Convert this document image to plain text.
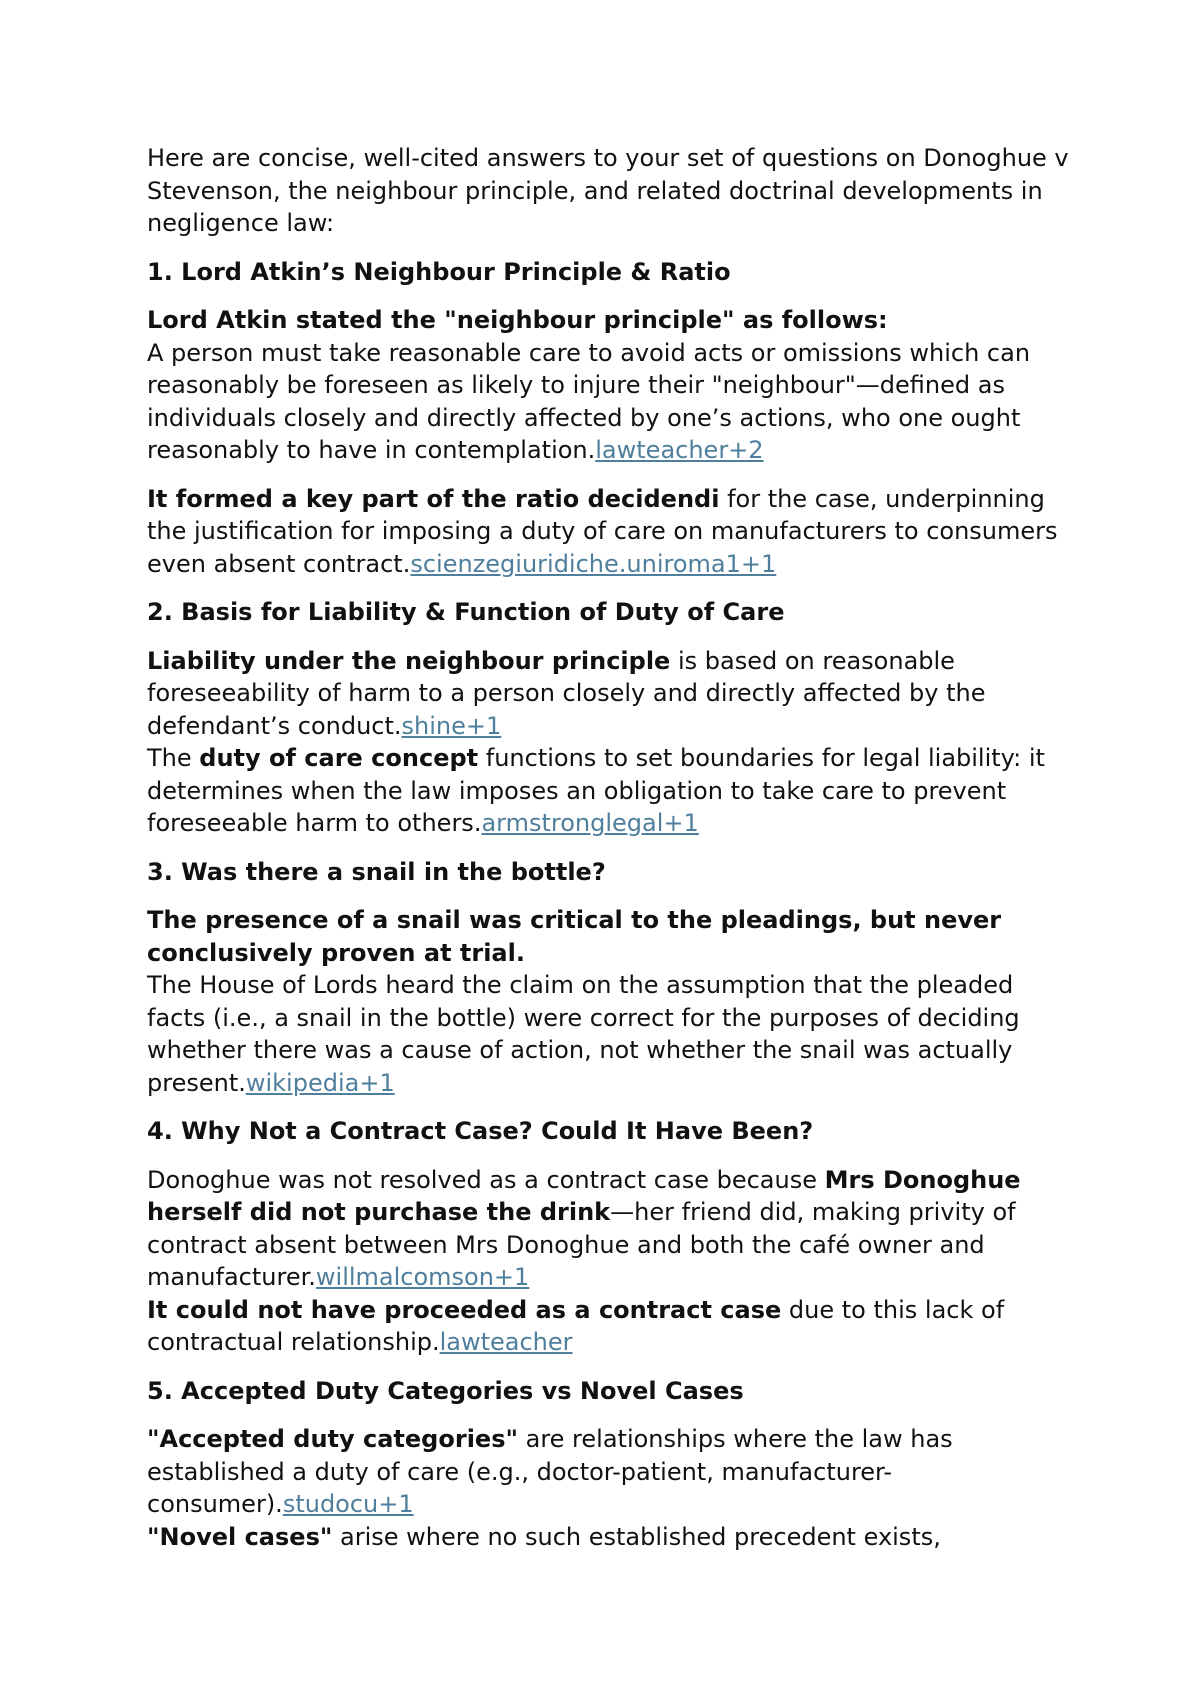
Here are concise, well-cited answers to your set of questions on Donoghue v Stevenson, the neighbour principle, and related doctrinal developments in negligence law:

1. Lord Atkin’s Neighbour Principle & Ratio

Lord Atkin stated the "neighbour principle" as follows:
A person must take reasonable care to avoid acts or omissions which can reasonably be foreseen as likely to injure their "neighbour"—defined as individuals closely and directly affected by one’s actions, who one ought reasonably to have in contemplation.lawteacher+2

It formed a key part of the ratio decidendi for the case, underpinning the justification for imposing a duty of care on manufacturers to consumers even absent contract.scienzegiuridiche.uniroma1+1

2. Basis for Liability & Function of Duty of Care

Liability under the neighbour principle is based on reasonable foreseeability of harm to a person closely and directly affected by the defendant’s conduct.shine+1
The duty of care concept functions to set boundaries for legal liability: it determines when the law imposes an obligation to take care to prevent foreseeable harm to others.armstronglegal+1

3. Was there a snail in the bottle?

The presence of a snail was critical to the pleadings, but never conclusively proven at trial.
The House of Lords heard the claim on the assumption that the pleaded facts (i.e., a snail in the bottle) were correct for the purposes of deciding whether there was a cause of action, not whether the snail was actually present.wikipedia+1

4. Why Not a Contract Case? Could It Have Been?

Donoghue was not resolved as a contract case because Mrs Donoghue herself did not purchase the drink—her friend did, making privity of contract absent between Mrs Donoghue and both the café owner and manufacturer.willmalcomson+1
It could not have proceeded as a contract case due to this lack of contractual relationship.lawteacher

5. Accepted Duty Categories vs Novel Cases

"Accepted duty categories" are relationships where the law has established a duty of care (e.g., doctor-patient, manufacturer-consumer).studocu+1
"Novel cases" arise where no such established precedent exists,
